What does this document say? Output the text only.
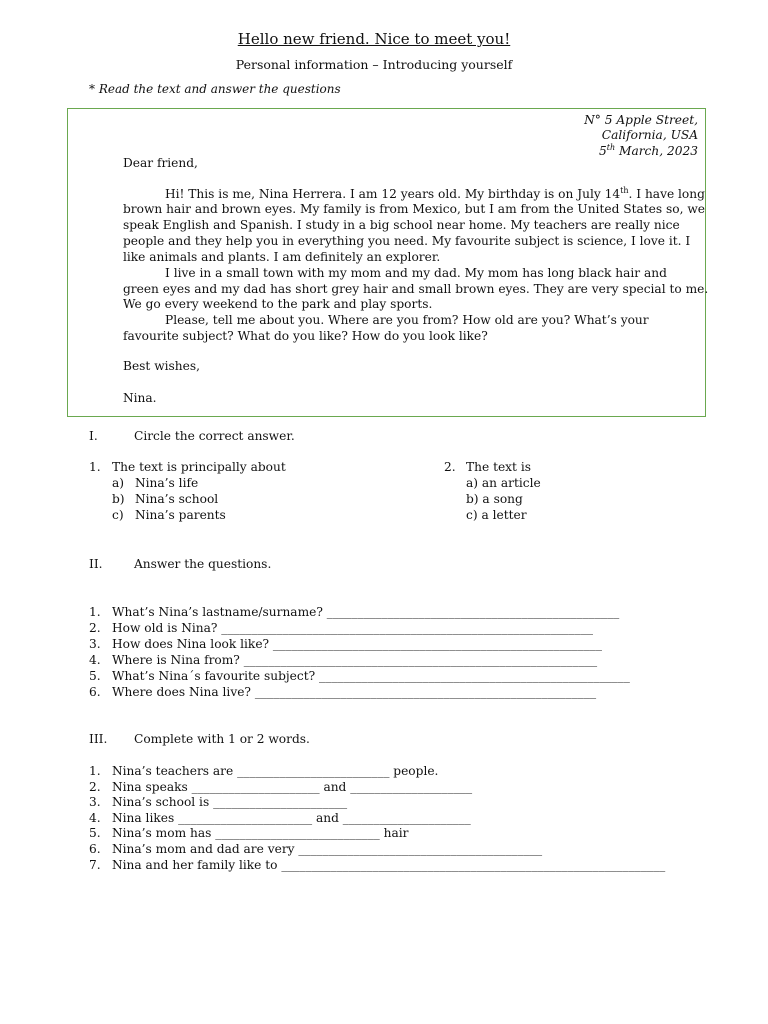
Hello new friend. Nice to meet you!
Personal information – Introducing yourself
* Read the text and answer the questions
N° 5 Apple Street,
California, USA
5th March, 2023
Dear friend,
Hi! This is me, Nina Herrera. I am 12 years old. My birthday is on July 14th. I have long
brown hair and brown eyes. My family is from Mexico, but I am from the United States so, we
speak English and Spanish. I study in a big school near home. My teachers are really nice
people and they help you in everything you need. My favourite subject is science, I love it. I
like animals and plants. I am definitely an explorer.
I live in a small town with my mom and my dad. My mom has long black hair and
green eyes and my dad has short grey hair and small brown eyes. They are very special to me.
We go every weekend to the park and play sports.
Please, tell me about you. Where are you from? How old are you? What’s your
favourite subject? What do you like? How do you look like?
Best wishes,
Nina.
I.	Circle the correct answer.
1. The text is principally about
a) Nina’s life
b) Nina’s school
c) Nina’s parents
2. The text is
a) an article
b) a song
c) a letter
II.	Answer the questions.
1. What’s Nina’s lastname/surname? ________________________________________________
2. How old is Nina? _____________________________________________________________
3. How does Nina look like? ______________________________________________________
4. Where is Nina from? __________________________________________________________
5. What’s Nina´s favourite subject? ___________________________________________________
6. Where does Nina live? ________________________________________________________
III. Complete with 1 or 2 words.
1. Nina’s teachers are _________________________ people.
2. Nina speaks _____________________ and ____________________
3. Nina’s school is ______________________
4. Nina likes ______________________ and _____________________
5. Nina’s mom has ___________________________ hair
6. Nina’s mom and dad are very ________________________________________
7. Nina and her family like to _______________________________________________________________
